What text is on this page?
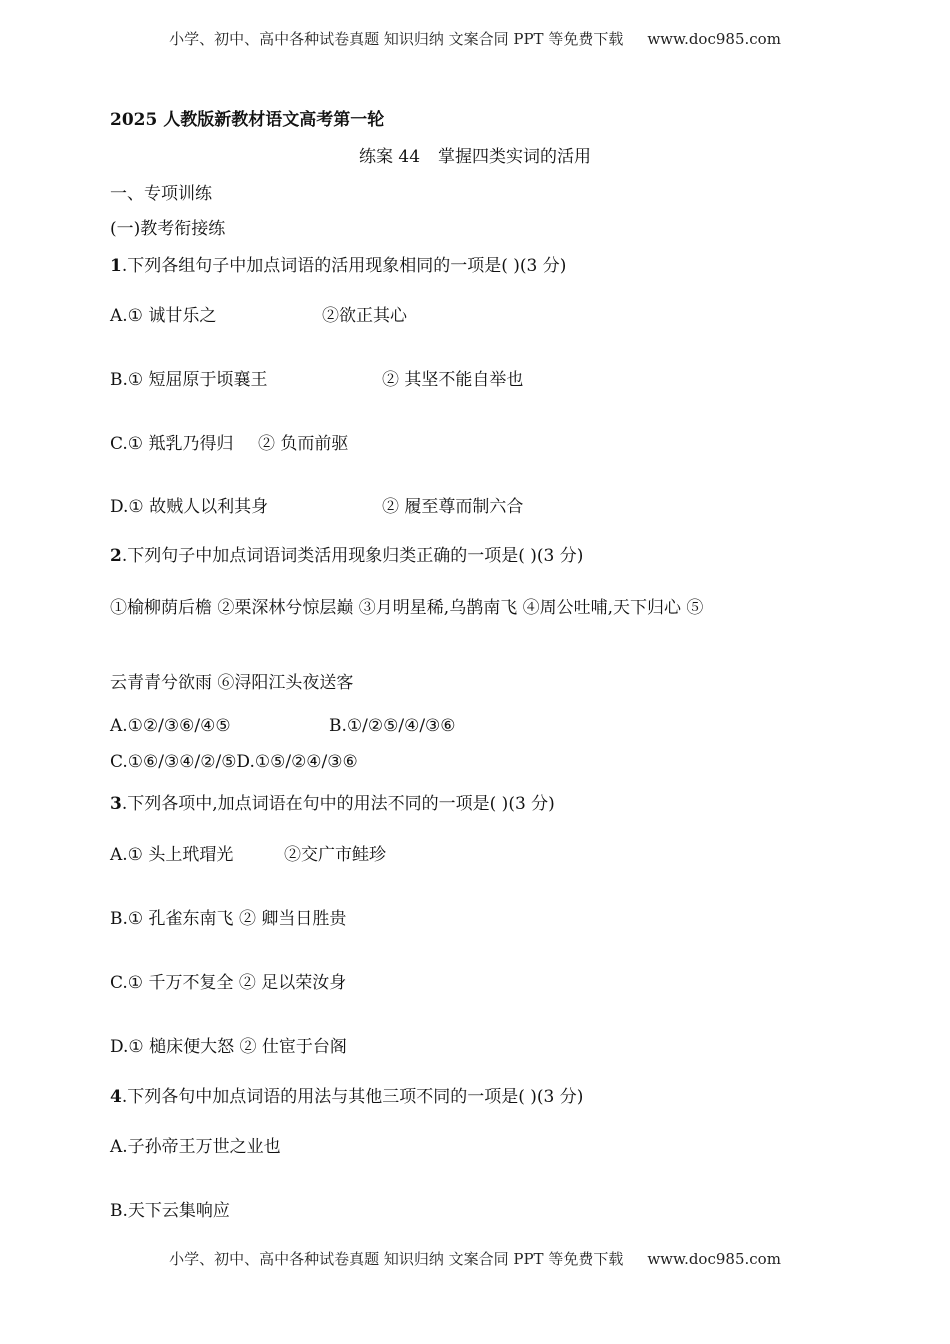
小学、初中、高中各种试卷真题 知识归纳 文案合同 PPT 等免费下载 www.doc985.com
2025 人教版新教材语文高考第一轮
练案 44 掌握四类实词的活用
一、专项训练
(一)教考衔接练
1.下列各组句子中加点词语的活用现象相同的一项是( )(3 分)
A.① 诚甘乐之	②欲正其心
B.① 短屈原于顷襄王	② 其坚不能自举也
C.① 羝乳乃得归 ② 负而前驱
D.① 故贼人以利其身	② 履至尊而制六合
2.下列句子中加点词语词类活用现象归类正确的一项是( )(3 分)
①榆柳荫后檐 ②栗深林兮惊层巅 ③月明星稀,乌鹊南飞 ④周公吐哺,天下归心 ⑤
云青青兮欲雨 ⑥浔阳江头夜送客
A.①②/③⑥/④⑤	B.①/②⑤/④/③⑥
C.①⑥/③④/②/⑤D.①⑤/②④/③⑥
3.下列各项中,加点词语在句中的用法不同的一项是( )(3 分)
A.① 头上玳瑁光	②交广市鲑珍
B.① 孔雀东南飞 ② 卿当日胜贵
C.① 千万不复全 ② 足以荣汝身
D.① 槌床便大怒 ② 仕宦于台阁
4.下列各句中加点词语的用法与其他三项不同的一项是( )(3 分)
A.子孙帝王万世之业也
B.天下云集响应
小学、初中、高中各种试卷真题 知识归纳 文案合同 PPT 等免费下载 www.doc985.com
